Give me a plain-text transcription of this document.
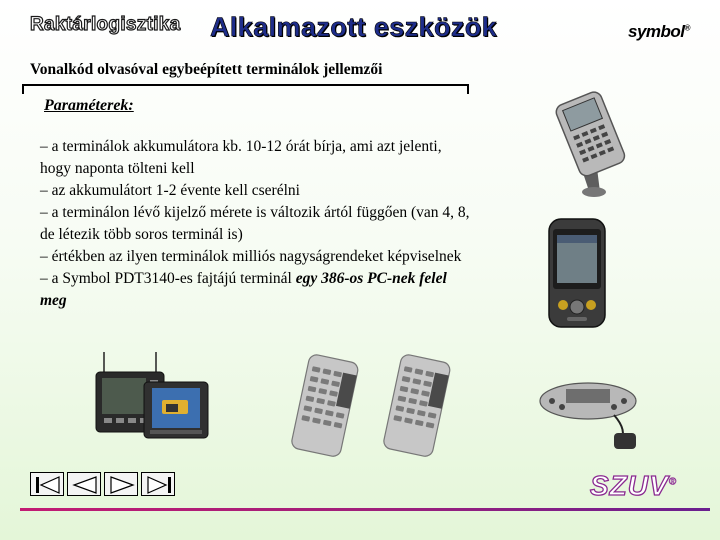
Raktárlogisztika Alkalmazott eszközök	symbol®
Vonalkód olvasóval egybeépített terminálok jellemzői
Paraméterek:

– a terminálok akkumulátora kb. 10-12 órát bírja, ami azt jelenti, hogy naponta tölteni kell

– az akkumulátort 1-2 évente kell cserélni

– a terminálon lévő kijelző mérete is változik ártól függően (van 4, 8, de létezik több soros terminál is)

– értékben az ilyen terminálok milliós nagyságrendeket képviselnek

– a Symbol PDT3140-es fajtájú terminál egy 386-os PC-nek felel meg

SZUV®
